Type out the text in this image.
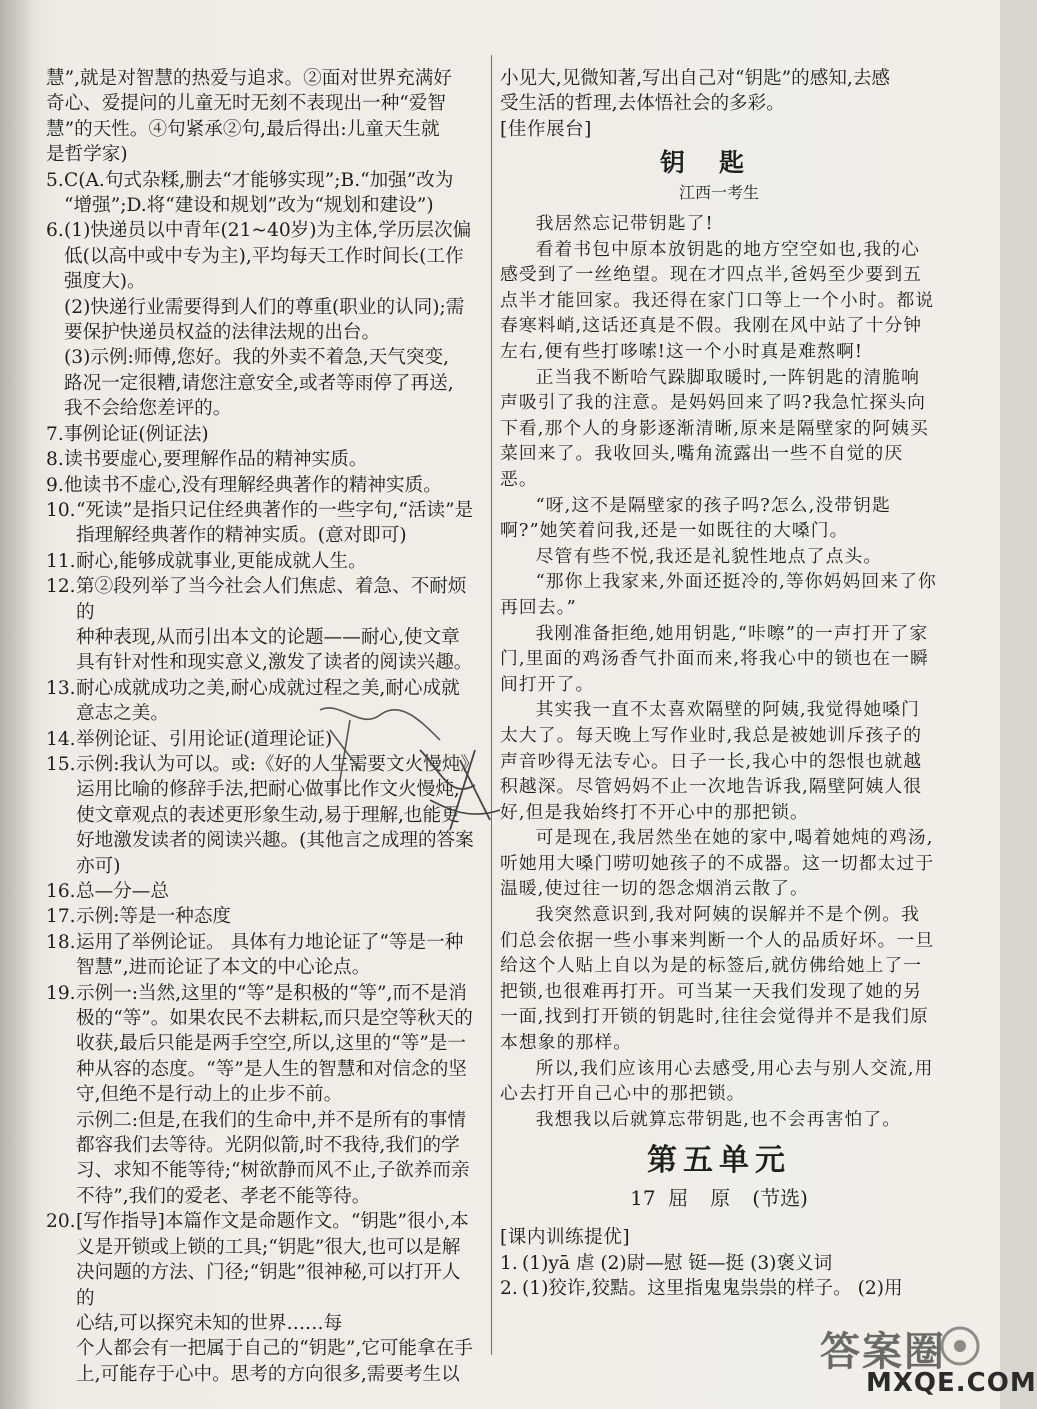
慧”,就是对智慧的热爱与追求。②面对世界充满好

奇心、爱提问的儿童无时无刻不表现出一种“爱智

慧”的天性。④句紧承②句,最后得出:儿童天生就

是哲学家)

5. C(A.句式杂糅,删去“才能够实现”;B.“加强”改为

“增强”;D.将“建设和规划”改为“规划和建设”)

6. (1)快递员以中青年(21~40岁)为主体,学历层次偏

低(以高中或中专为主),平均每天工作时间长(工作

强度大)。

(2)快递行业需要得到人们的尊重(职业的认同);需

要保护快递员权益的法律法规的出台。

(3)示例:师傅,您好。我的外卖不着急,天气突变,

路况一定很糟,请您注意安全,或者等雨停了再送,

我不会给您差评的。

7. 事例论证(例证法)

8. 读书要虚心,要理解作品的精神实质。

9. 他读书不虚心,没有理解经典著作的精神实质。

10. “死读”是指只记住经典著作的一些字句,“活读”是

指理解经典著作的精神实质。(意对即可)

11. 耐心,能够成就事业,更能成就人生。

12. 第②段列举了当今社会人们焦虑、着急、不耐烦的

种种表现,从而引出本文的论题——耐心,使文章

具有针对性和现实意义,激发了读者的阅读兴趣。

13. 耐心成就成功之美,耐心成就过程之美,耐心成就

意志之美。

14. 举例论证、引用论证(道理论证)

15. 示例:我认为可以。或:《好的人生需要文火慢炖》

运用比喻的修辞手法,把耐心做事比作文火慢炖,

使文章观点的表述更形象生动,易于理解,也能更

好地激发读者的阅读兴趣。(其他言之成理的答案

亦可)

16. 总—分—总

17. 示例:等是一种态度

18. 运用了举例论证。 具体有力地论证了“等是一种

智慧”,进而论证了本文的中心论点。

19. 示例一:当然,这里的“等”是积极的“等”,而不是消

极的“等”。如果农民不去耕耘,而只是空等秋天的

收获,最后只能是两手空空,所以,这里的“等”是一

种从容的态度。“等”是人生的智慧和对信念的坚

守,但绝不是行动上的止步不前。

示例二:但是,在我们的生命中,并不是所有的事情

都容我们去等待。光阴似箭,时不我待,我们的学

习、求知不能等待;“树欲静而风不止,子欲养而亲

不待”,我们的爱老、孝老不能等待。

20. [写作指导]本篇作文是命题作文。“钥匙”很小,本

义是开锁或上锁的工具;“钥匙”很大,也可以是解

决问题的方法、门径;“钥匙”很神秘,可以打开人的

心结,可以探究未知的世界……每

个人都会有一把属于自己的“钥匙”,它可能拿在手

上,可能存于心中。思考的方向很多,需要考生以

小见大,见微知著,写出自己对“钥匙”的感知,去感

受生活的哲理,去体悟社会的多彩。

[佳作展台]

钥匙
江西一考生

我居然忘记带钥匙了!

看着书包中原本放钥匙的地方空空如也,我的心感受到了一丝绝望。现在才四点半,爸妈至少要到五点半才能回家。我还得在家门口等上一个小时。都说春寒料峭,这话还真是不假。我刚在风中站了十分钟左右,便有些打哆嗦!这一个小时真是难熬啊!

正当我不断哈气跺脚取暖时,一阵钥匙的清脆响声吸引了我的注意。是妈妈回来了吗?我急忙探头向下看,那个人的身影逐渐清晰,原来是隔壁家的阿姨买菜回来了。我收回头,嘴角流露出一些不自觉的厌恶。

“呀,这不是隔壁家的孩子吗?怎么,没带钥匙啊?”她笑着问我,还是一如既往的大嗓门。

尽管有些不悦,我还是礼貌性地点了点头。

“那你上我家来,外面还挺冷的,等你妈妈回来了你再回去。”

我刚准备拒绝,她用钥匙,“咔嚓”的一声打开了家门,里面的鸡汤香气扑面而来,将我心中的锁也在一瞬间打开了。

其实我一直不太喜欢隔壁的阿姨,我觉得她嗓门太大了。每天晚上写作业时,我总是被她训斥孩子的声音吵得无法专心。日子一长,我心中的怨恨也就越积越深。尽管妈妈不止一次地告诉我,隔壁阿姨人很好,但是我始终打不开心中的那把锁。

可是现在,我居然坐在她的家中,喝着她炖的鸡汤,听她用大嗓门唠叨她孩子的不成器。这一切都太过于温暖,使过往一切的怨念烟消云散了。

我突然意识到,我对阿姨的误解并不是个例。我们总会依据一些小事来判断一个人的品质好坏。一旦给这个人贴上自以为是的标签后,就仿佛给她上了一把锁,也很难再打开。可当某一天我们发现了她的另一面,找到打开锁的钥匙时,往往会觉得并不是我们原本想象的那样。

所以,我们应该用心去感受,用心去与别人交流,用心去打开自己心中的那把锁。

我想我以后就算忘带钥匙,也不会再害怕了。

第五单元
17 屈原(节选)

[课内训练提优]

1. (1)yā 虐 (2)尉—慰 铤—挺 (3)褒义词
2. (1)狡诈,狡黠。这里指鬼鬼祟祟的样子。 (2)用
答案圈
MXQE.COM
